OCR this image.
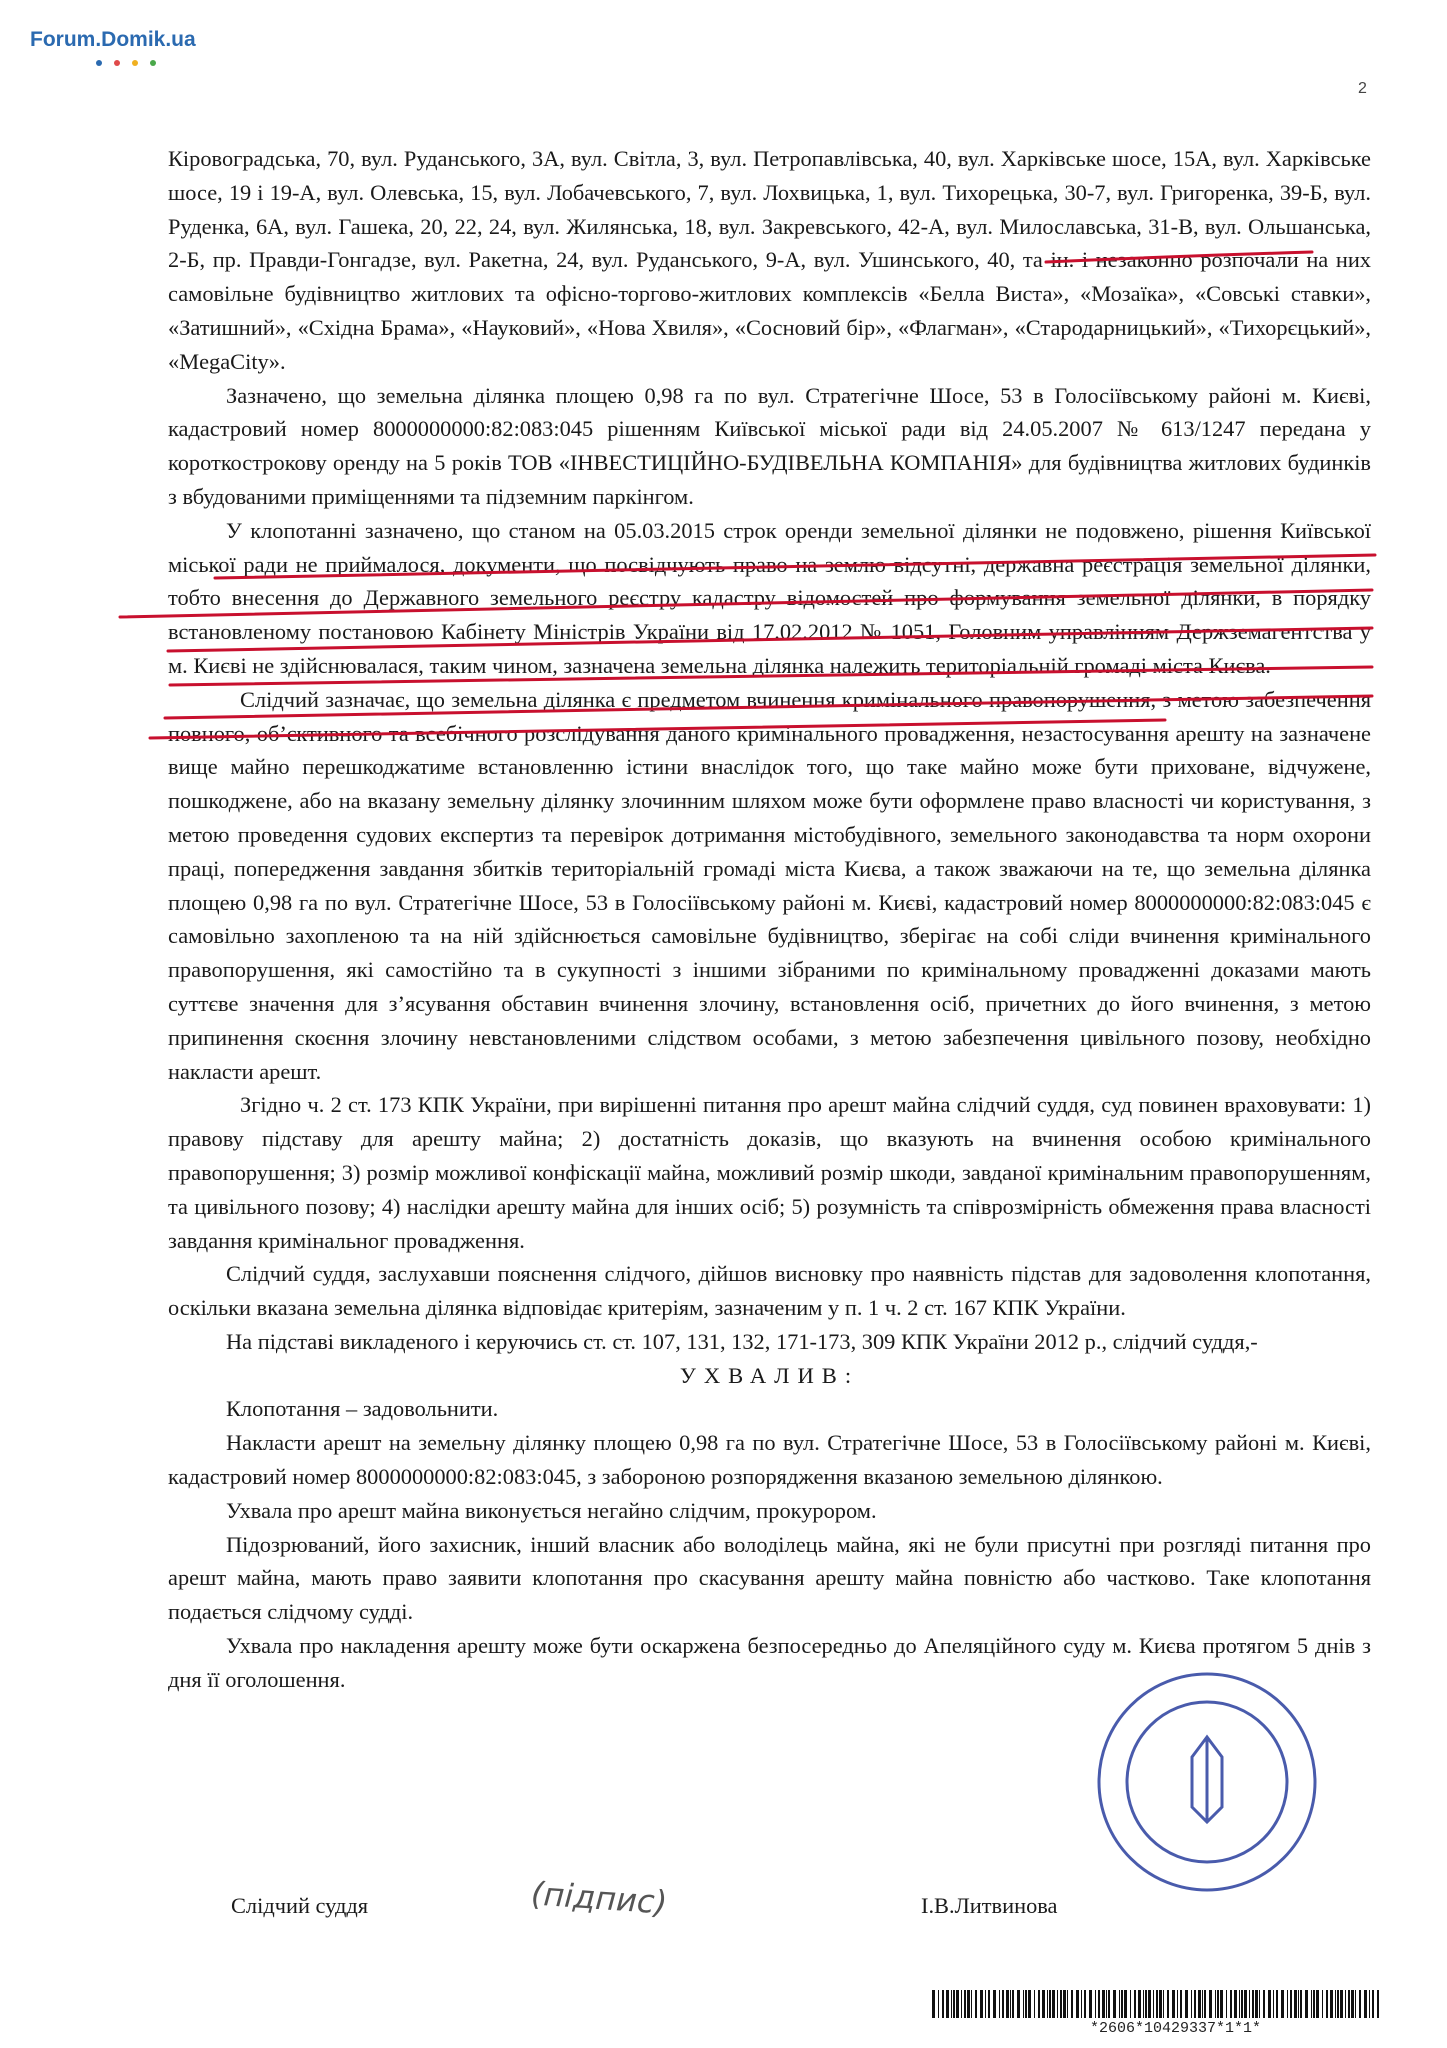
Forum.Domik.ua
2

Кіровоградська, 70, вул. Руданського, 3А, вул. Світла, 3, вул. Петропавлівська, 40, вул. Харківське шосе, 15А, вул. Харківське шосе, 19 і 19-А, вул. Олевська, 15, вул. Лобачевського, 7, вул. Лохвицька, 1, вул. Тихорецька, 30-7, вул. Григоренка, 39-Б, вул. Руденка, 6А, вул. Гашека, 20, 22, 24, вул. Жилянська, 18, вул. Закревського, 42-А, вул. Милославська, 31-В, вул. Ольшанська, 2-Б, пр. Правди-Гонгадзе, вул. Ракетна, 24, вул. Руданського, 9-А, вул. Ушинського, 40, та ін. і незаконно розпочали на них самовільне будівництво житлових та офісно-торгово-житлових комплексів «Белла Виста», «Мозаїка», «Совські ставки», «Затишний», «Східна Брама», «Науковий», «Нова Хвиля», «Сосновий бір», «Флагман», «Стародарницький», «Тихорєцький», «MegaCity».

Зазначено, що земельна ділянка площею 0,98 га по вул. Стратегічне Шосе, 53 в Голосіївському районі м. Києві, кадастровий номер 8000000000:82:083:045 рішенням Київської міської ради від 24.05.2007 № 613/1247 передана у короткострокову оренду на 5 років ТОВ «ІНВЕСТИЦІЙНО-БУДІВЕЛЬНА КОМПАНІЯ» для будівництва житлових будинків з вбудованими приміщеннями та підземним паркінгом.

У клопотанні зазначено, що станом на 05.03.2015 строк оренди земельної ділянки не подовжено, рішення Київської міської ради не приймалося, документи, що посвідчують право на землю відсутні, державна реєстрація земельної ділянки, тобто внесення до Державного земельного реєстру кадастру відомостей про формування земельної ділянки, в порядку встановленому постановою Кабінету Міністрів України від 17.02.2012 № 1051, Головним управлінням Держземагентства у м. Києві не здійснювалася, таким чином, зазначена земельна ділянка належить територіальній громаді міста Києва.

Слідчий зазначає, що земельна ділянка є предметом вчинення кримінального правопорушення, з метою забезпечення повного, об’єктивного та всебічного розслідування даного кримінального провадження, незастосування арешту на зазначене вище майно перешкоджатиме встановленню істини внаслідок того, що таке майно може бути приховане, відчужене, пошкоджене, або на вказану земельну ділянку злочинним шляхом може бути оформлене право власності чи користування, з метою проведення судових експертиз та перевірок дотримання містобудівного, земельного законодавства та норм охорони праці, попередження завдання збитків територіальній громаді міста Києва, а також зважаючи на те, що земельна ділянка площею 0,98 га по вул. Стратегічне Шосе, 53 в Голосіївському районі м. Києві, кадастровий номер 8000000000:82:083:045 є самовільно захопленою та на ній здійснюється самовільне будівництво, зберігає на собі сліди вчинення кримінального правопорушення, які самостійно та в сукупності з іншими зібраними по кримінальному провадженні доказами мають суттєве значення для з’ясування обставин вчинення злочину, встановлення осіб, причетних до його вчинення, з метою припинення скоєння злочину невстановленими слідством особами, з метою забезпечення цивільного позову, необхідно накласти арешт.

Згідно ч. 2 ст. 173 КПК України, при вирішенні питання про арешт майна слідчий суддя, суд повинен враховувати: 1) правову підставу для арешту майна; 2) достатність доказів, що вказують на вчинення особою кримінального правопорушення; 3) розмір можливої конфіскації майна, можливий розмір шкоди, завданої кримінальним правопорушенням, та цивільного позову; 4) наслідки арешту майна для інших осіб; 5) розумність та співрозмірність обмеження права власності завдання кримінальног провадження.

Слідчий суддя, заслухавши пояснення слідчого, дійшов висновку про наявність підстав для задоволення клопотання, оскільки вказана земельна ділянка відповідає критеріям, зазначеним у п. 1 ч. 2 ст. 167 КПК України.

На підставі викладеного і керуючись ст. ст. 107, 131, 132, 171-173, 309 КПК України 2012 р., слідчий суддя,-

УХВАЛИВ:

Клопотання – задовольнити.

Накласти арешт на земельну ділянку площею 0,98 га по вул. Стратегічне Шосе, 53 в Голосіївському районі м. Києві, кадастровий номер 8000000000:82:083:045, з забороною розпорядження вказаною земельною ділянкою.

Ухвала про арешт майна виконується негайно слідчим, прокурором.

Підозрюваний, його захисник, інший власник або володілець майна, які не були присутні при розгляді питання про арешт майна, мають право заявити клопотання про скасування арешту майна повністю або частково. Таке клопотання подається слідчому судді.

Ухвала про накладення арешту може бути оскаржена безпосередньо до Апеляційного суду м. Києва протягом 5 днів з дня її оголошення.

Слідчий суддя	(підпис)	І.В.Литвинова
*2606*10429337*1*1*
